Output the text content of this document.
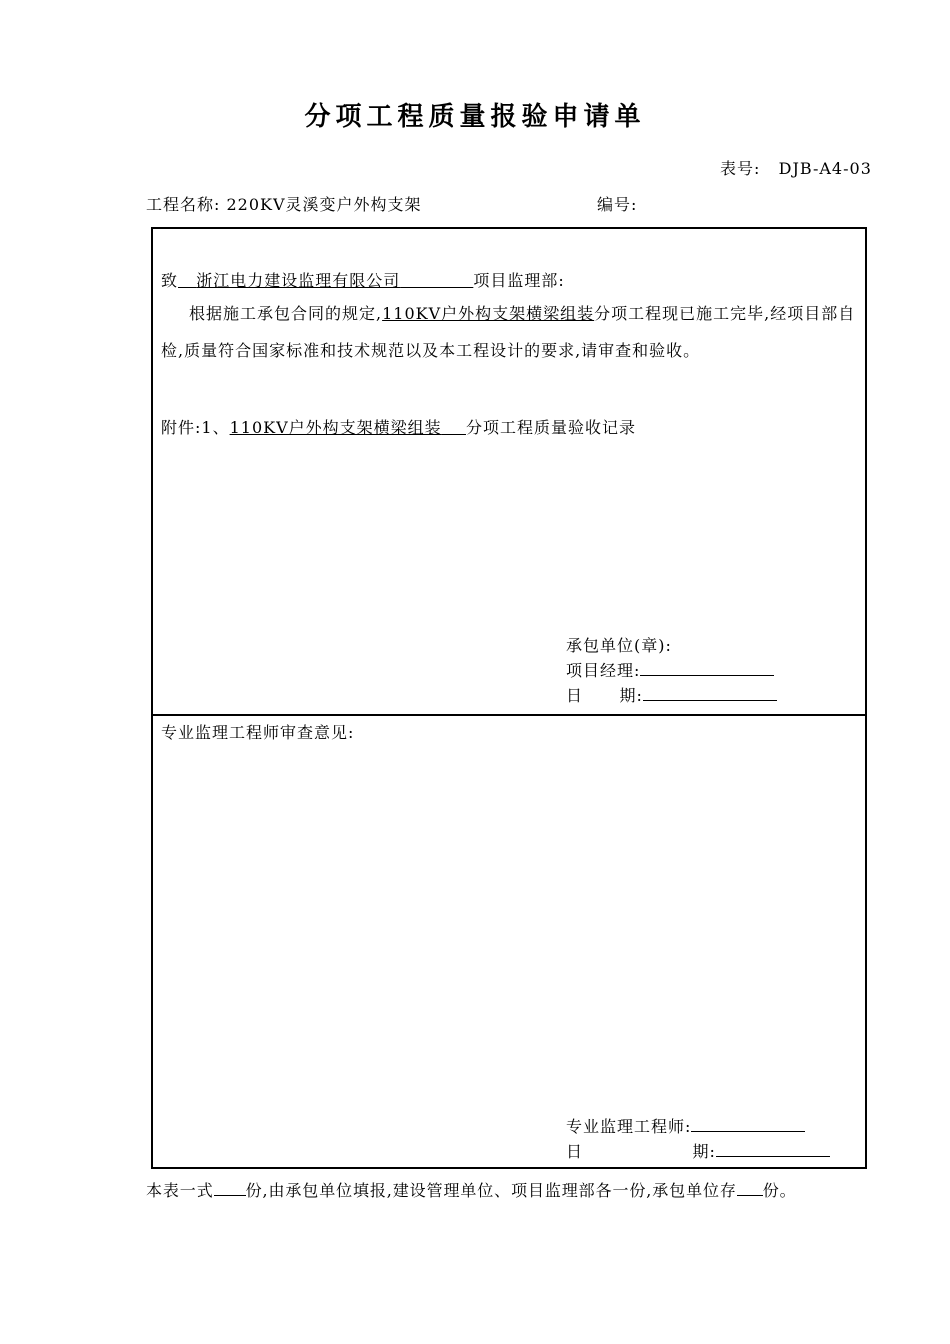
分项工程质量报验申请单
表号: DJB-A4-03
工程名称: 220KV灵溪变户外构支架	编号:
致 浙江电力建设监理有限公司	项目监理部:
根据施工承包合同的规定,110KV户外构支架横梁组装分项工程现已施工完毕,经项目部自检,质量符合国家标准和技术规范以及本工程设计的要求,请审查和验收。
附件:1、110KV户外构支架横梁组装 分项工程质量验收记录
承包单位(章):
项目经理:
日      期:
专业监理工程师审查意见:
专业监理工程师:
日                  期:
本表一式 份,由承包单位填报,建设管理单位、项目监理部各一份,承包单位存 份。
